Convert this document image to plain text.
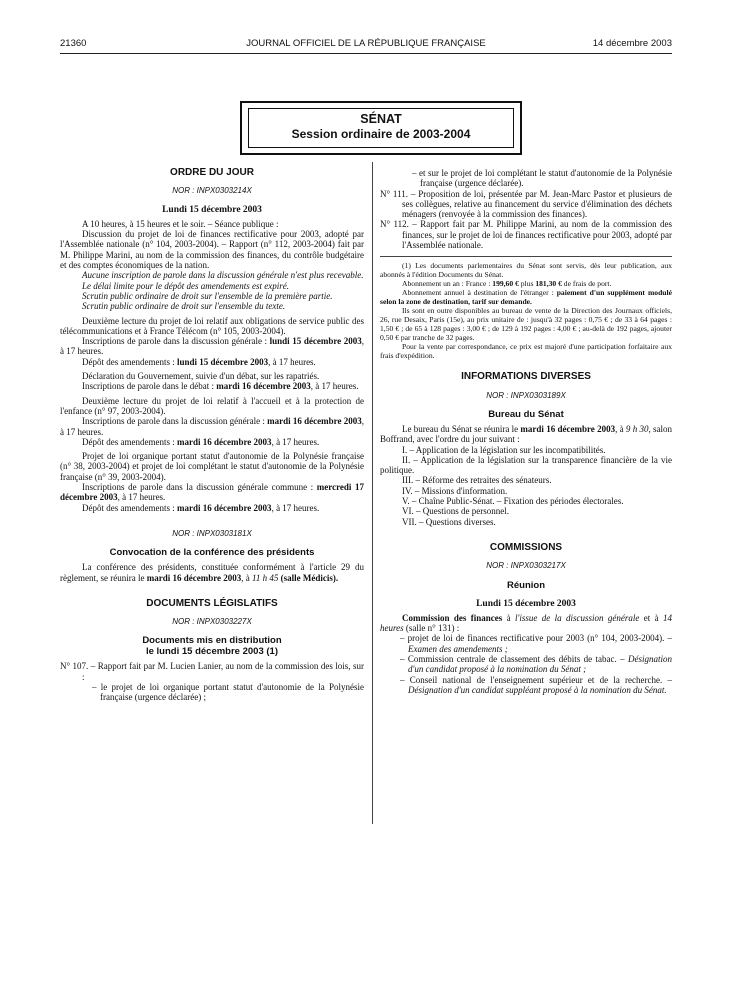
21360	JOURNAL OFFICIEL DE LA RÉPUBLIQUE FRANÇAISE	14 décembre 2003
SÉNAT
Session ordinaire de 2003-2004

ORDRE DU JOUR

NOR : INPX0303214X

Lundi 15 décembre 2003

A 10 heures, à 15 heures et le soir. – Séance publique :

Discussion du projet de loi de finances rectificative pour 2003, adopté par l'Assemblée nationale (n° 104, 2003-2004). – Rapport (n° 112, 2003-2004) fait par M. Philippe Marini, au nom de la commission des finances, du contrôle budgétaire et des comptes économiques de la nation.

Aucune inscription de parole dans la discussion générale n'est plus recevable.

Le délai limite pour le dépôt des amendements est expiré.

Scrutin public ordinaire de droit sur l'ensemble de la première partie.

Scrutin public ordinaire de droit sur l'ensemble du texte.

Deuxième lecture du projet de loi relatif aux obligations de service public des télécommunications et à France Télécom (n° 105, 2003-2004).

Inscriptions de parole dans la discussion générale : lundi 15 décembre 2003, à 17 heures.

Dépôt des amendements : lundi 15 décembre 2003, à 17 heures.

Déclaration du Gouvernement, suivie d'un débat, sur les rapatriés.

Inscriptions de parole dans le débat : mardi 16 décembre 2003, à 17 heures.

Deuxième lecture du projet de loi relatif à l'accueil et à la protection de l'enfance (n° 97, 2003-2004).

Inscriptions de parole dans la discussion générale : mardi 16 décembre 2003, à 17 heures.

Dépôt des amendements : mardi 16 décembre 2003, à 17 heures.

Projet de loi organique portant statut d'autonomie de la Polynésie française (n° 38, 2003-2004) et projet de loi complétant le statut d'autonomie de la Polynésie française (n° 39, 2003-2004).

Inscriptions de parole dans la discussion générale commune : mercredi 17 décembre 2003, à 17 heures.

Dépôt des amendements : mardi 16 décembre 2003, à 17 heures.

NOR : INPX0303181X

Convocation de la conférence des présidents

La conférence des présidents, constituée conformément à l'article 29 du règlement, se réunira le mardi 16 décembre 2003, à 11 h 45 (salle Médicis).

DOCUMENTS LÉGISLATIFS

NOR : INPX0303227X

Documents mis en distribution

le lundi 15 décembre 2003 (1)

N° 107. – Rapport fait par M. Lucien Lanier, au nom de la commission des lois, sur :

– le projet de loi organique portant statut d'autonomie de la Polynésie française (urgence déclarée) ;

– et sur le projet de loi complétant le statut d'autonomie de la Polynésie française (urgence déclarée).

N° 111. – Proposition de loi, présentée par M. Jean-Marc Pastor et plusieurs de ses collègues, relative au financement du service d'élimination des déchets ménagers (renvoyée à la commission des finances).

N° 112. – Rapport fait par M. Philippe Marini, au nom de la commission des finances, sur le projet de loi de finances rectificative pour 2003, adopté par l'Assemblée nationale.

(1) Les documents parlementaires du Sénat sont servis, dès leur publication, aux abonnés à l'édition Documents du Sénat.

Abonnement un an : France : 199,60 € plus 181,30 € de frais de port.

Abonnement annuel à destination de l'étranger : paiement d'un supplément modulé selon la zone de destination, tarif sur demande.

Ils sont en outre disponibles au bureau de vente de la Direction des Journaux officiels, 26, rue Desaix, Paris (15e), au prix unitaire de : jusqu'à 32 pages : 0,75 € ; de 33 à 64 pages : 1,50 € ; de 65 à 128 pages : 3,00 € ; de 129 à 192 pages : 4,00 € ; au-delà de 192 pages, ajouter 0,50 € par tranche de 32 pages.

Pour la vente par correspondance, ce prix est majoré d'une participation forfaitaire aux frais d'expédition.

INFORMATIONS DIVERSES

NOR : INPX0303189X

Bureau du Sénat

Le bureau du Sénat se réunira le mardi 16 décembre 2003, à 9 h 30, salon Boffrand, avec l'ordre du jour suivant :

I. – Application de la législation sur les incompatibilités.

II. – Application de la législation sur la transparence financière de la vie politique.

III. – Réforme des retraites des sénateurs.

IV. – Missions d'information.

V. – Chaîne Public-Sénat. – Fixation des périodes électorales.

VI. – Questions de personnel.

VII. – Questions diverses.

COMMISSIONS

NOR : INPX0303217X

Réunion

Lundi 15 décembre 2003

Commission des finances à l'issue de la discussion générale et à 14 heures (salle n° 131) :

– projet de loi de finances rectificative pour 2003 (n° 104, 2003-2004). – Examen des amendements ;

– Commission centrale de classement des débits de tabac. – Désignation d'un candidat proposé à la nomination du Sénat ;

– Conseil national de l'enseignement supérieur et de la recherche. – Désignation d'un candidat suppléant proposé à la nomination du Sénat.
